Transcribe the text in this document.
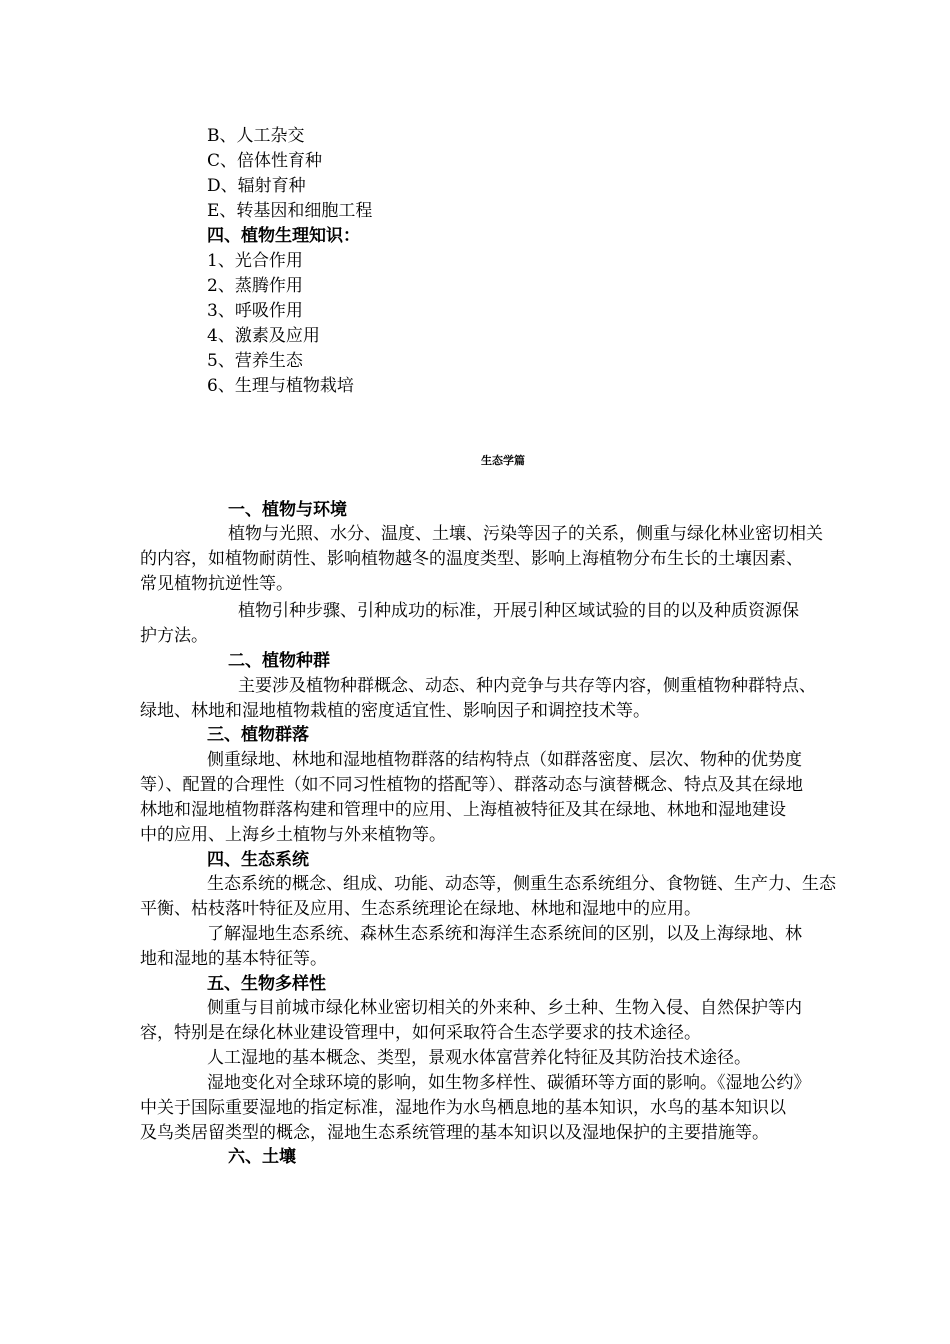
B、人工杂交
C、倍体性育种
D、辐射育种
E、转基因和细胞工程
四、植物生理知识：
1、光合作用
2、蒸腾作用
3、呼吸作用
4、激素及应用
5、营养生态
6、生理与植物栽培
生态学篇
一、植物与环境
植物与光照、水分、温度、土壤、污染等因子的关系，侧重与绿化林业密切相关
的内容，如植物耐荫性、影响植物越冬的温度类型、影响上海植物分布生长的土壤因素、
常见植物抗逆性等。
植物引种步骤、引种成功的标准，开展引种区域试验的目的以及种质资源保
护方法。
二、植物种群
主要涉及植物种群概念、动态、种内竞争与共存等内容，侧重植物种群特点、
绿地、林地和湿地植物栽植的密度适宜性、影响因子和调控技术等。
三、植物群落
侧重绿地、林地和湿地植物群落的结构特点（如群落密度、层次、物种的优势度
等）、配置的合理性（如不同习性植物的搭配等）、群落动态与演替概念、特点及其在绿地
林地和湿地植物群落构建和管理中的应用、上海植被特征及其在绿地、林地和湿地建设
中的应用、上海乡土植物与外来植物等。
四、生态系统
生态系统的概念、组成、功能、动态等，侧重生态系统组分、食物链、生产力、生态
平衡、枯枝落叶特征及应用、生态系统理论在绿地、林地和湿地中的应用。
了解湿地生态系统、森林生态系统和海洋生态系统间的区别，以及上海绿地、林
地和湿地的基本特征等。
五、生物多样性
侧重与目前城市绿化林业密切相关的外来种、乡土种、生物入侵、自然保护等内
容，特别是在绿化林业建设管理中，如何采取符合生态学要求的技术途径。
人工湿地的基本概念、类型，景观水体富营养化特征及其防治技术途径。
湿地变化对全球环境的影响，如生物多样性、碳循环等方面的影响。《湿地公约》
中关于国际重要湿地的指定标准，湿地作为水鸟栖息地的基本知识，水鸟的基本知识以
及鸟类居留类型的概念，湿地生态系统管理的基本知识以及湿地保护的主要措施等。
六、土壤
